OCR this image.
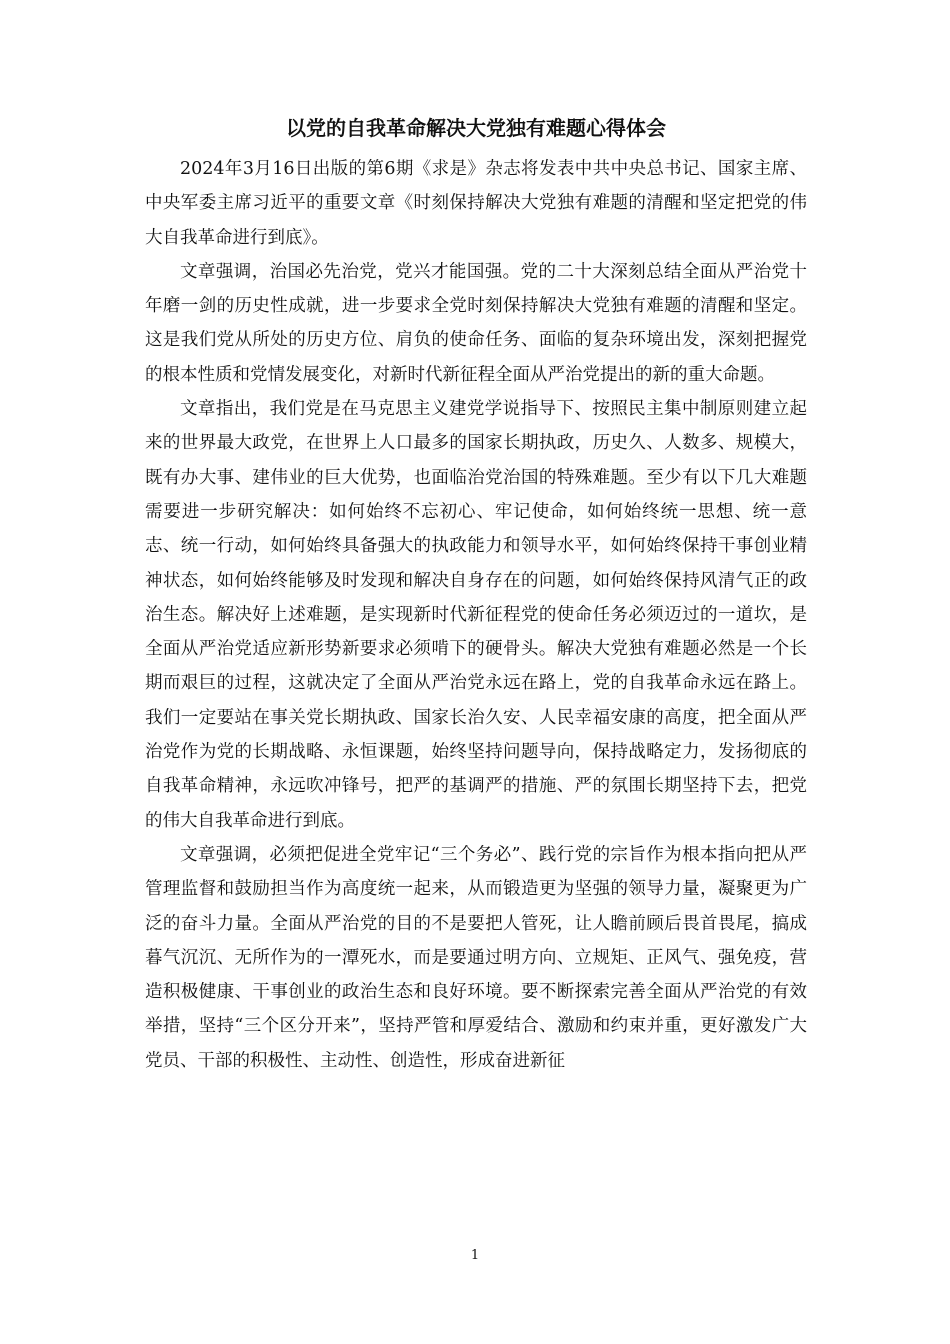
以党的自我革命解决大党独有难题心得体会

2024年3月16日出版的第6期《求是》杂志将发表中共中央总书记、国家主席、中央军委主席习近平的重要文章《时刻保持解决大党独有难题的清醒和坚定把党的伟大自我革命进行到底》。

文章强调，治国必先治党，党兴才能国强。党的二十大深刻总结全面从严治党十年磨一剑的历史性成就，进一步要求全党时刻保持解决大党独有难题的清醒和坚定。这是我们党从所处的历史方位、肩负的使命任务、面临的复杂环境出发，深刻把握党的根本性质和党情发展变化，对新时代新征程全面从严治党提出的新的重大命题。

文章指出，我们党是在马克思主义建党学说指导下、按照民主集中制原则建立起来的世界最大政党，在世界上人口最多的国家长期执政，历史久、人数多、规模大，既有办大事、建伟业的巨大优势，也面临治党治国的特殊难题。至少有以下几大难题需要进一步研究解决：如何始终不忘初心、牢记使命，如何始终统一思想、统一意志、统一行动，如何始终具备强大的执政能力和领导水平，如何始终保持干事创业精神状态，如何始终能够及时发现和解决自身存在的问题，如何始终保持风清气正的政治生态。解决好上述难题，是实现新时代新征程党的使命任务必须迈过的一道坎，是全面从严治党适应新形势新要求必须啃下的硬骨头。解决大党独有难题必然是一个长期而艰巨的过程，这就决定了全面从严治党永远在路上，党的自我革命永远在路上。我们一定要站在事关党长期执政、国家长治久安、人民幸福安康的高度，把全面从严治党作为党的长期战略、永恒课题，始终坚持问题导向，保持战略定力，发扬彻底的自我革命精神，永远吹冲锋号，把严的基调严的措施、严的氛围长期坚持下去，把党的伟大自我革命进行到底。

文章强调，必须把促进全党牢记“三个务必”、践行党的宗旨作为根本指向把从严管理监督和鼓励担当作为高度统一起来，从而锻造更为坚强的领导力量，凝聚更为广泛的奋斗力量。全面从严治党的目的不是要把人管死，让人瞻前顾后畏首畏尾，搞成暮气沉沉、无所作为的一潭死水，而是要通过明方向、立规矩、正风气、强免疫，营造积极健康、干事创业的政治生态和良好环境。要不断探索完善全面从严治党的有效举措，坚持“三个区分开来”，坚持严管和厚爱结合、激励和约束并重，更好激发广大党员、干部的积极性、主动性、创造性，形成奋进新征

1
